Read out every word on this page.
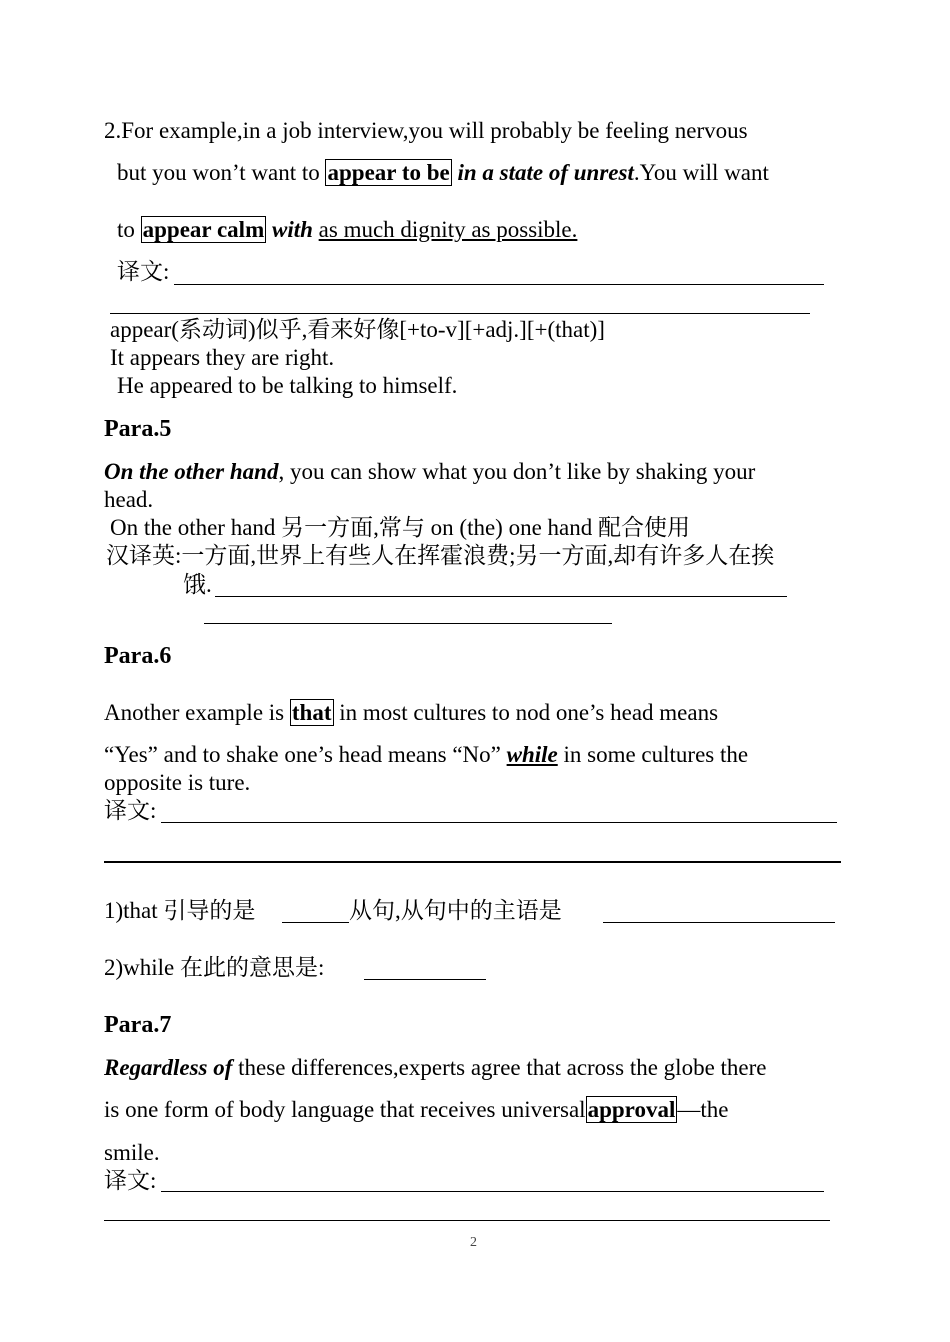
2.For example,in a job interview,you will probably be feeling nervous
but you won’t want to appear to be in a state of unrest.You will want
to appear calm with as much dignity as possible.
译文:
appear(系动词)似乎,看来好像[+to-v][+adj.][+(that)]
It appears they are right.
He appeared to be talking to himself.
Para.5
On the other hand, you can show what you don’t like by shaking your
head.
On the other hand 另一方面,常与 on (the) one hand 配合使用
汉译英:一方面,世界上有些人在挥霍浪费;另一方面,却有许多人在挨
饿.
Para.6
Another example is that in most cultures to nod one’s head means
“Yes” and to shake one’s head means “No” while in some cultures the
opposite is ture.
译文:
1)that 引导的是	从句,从句中的主语是
2)while 在此的意思是:
Para.7
Regardless of these differences,experts agree that across the globe there
is one form of body language that receives universalapproval—the
smile.
译文:
2
